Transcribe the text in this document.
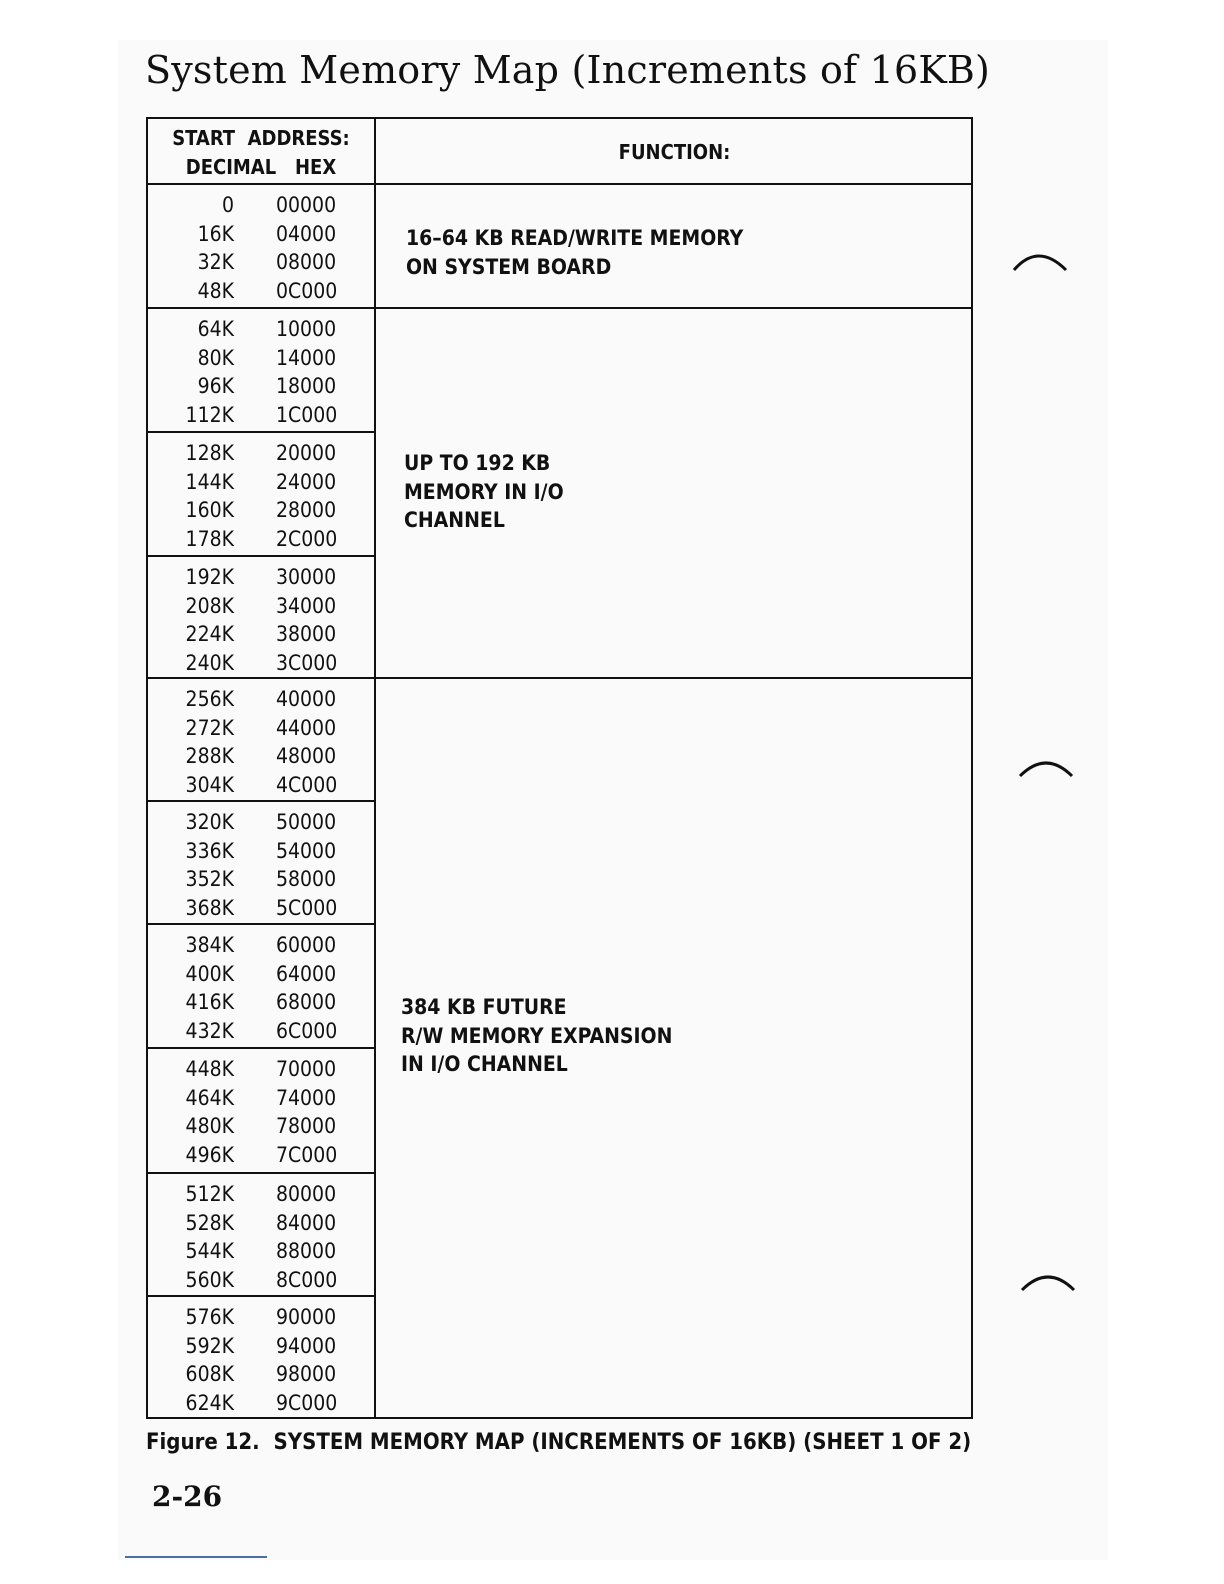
System Memory Map (Increments of 16KB)
START  ADDRESS:
DECIMAL   HEX
FUNCTION:
0 00000
16K 04000
32K 08000
48K 0C000
64K 10000
80K 14000
96K 18000
112K 1C000
128K 20000
144K 24000
160K 28000
178K 2C000
192K 30000
208K 34000
224K 38000
240K 3C000
256K 40000
272K 44000
288K 48000
304K 4C000
320K 50000
336K 54000
352K 58000
368K 5C000
384K 60000
400K 64000
416K 68000
432K 6C000
448K 70000
464K 74000
480K 78000
496K 7C000
512K 80000
528K 84000
544K 88000
560K 8C000
576K 90000
592K 94000
608K 98000
624K 9C000
16–64 KB READ/WRITE MEMORY
ON SYSTEM BOARD
UP TO 192 KB
MEMORY IN I/O
CHANNEL
384 KB FUTURE
R/W MEMORY EXPANSION
IN I/O CHANNEL
Figure 12.  SYSTEM MEMORY MAP (INCREMENTS OF 16KB) (SHEET 1 OF 2)
2-26
